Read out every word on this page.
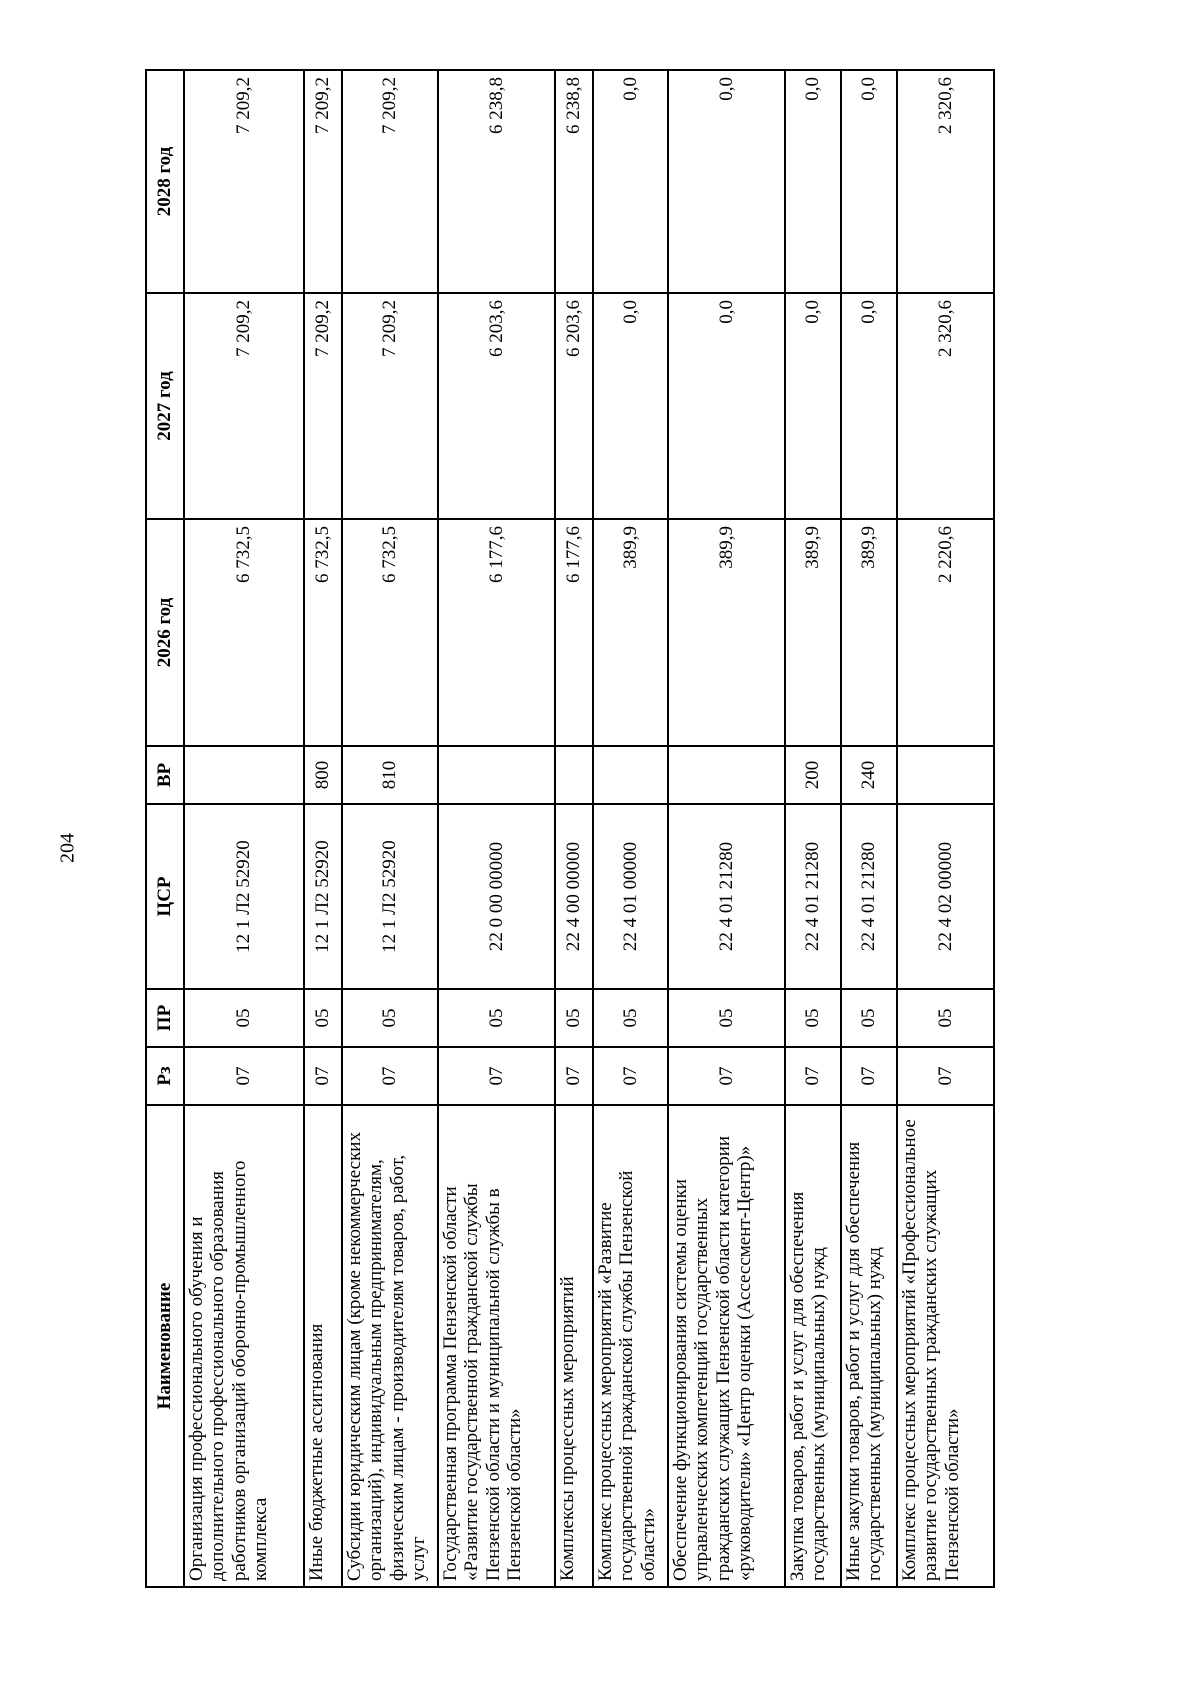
204
Наименование	Рз	ПР	ЦСР	ВР	2026 год	2027 год	2028 год
Организация профессионального обучения и дополнительного профессионального образования работников организаций оборонно-промышленного комплекса	07	05	12 1 Л2 52920		6 732,5	7 209,2	7 209,2
Иные бюджетные ассигнования	07	05	12 1 Л2 52920	800	6 732,5	7 209,2	7 209,2
Субсидии юридическим лицам (кроме некоммерческих организаций), индивидуальным предпринимателям, физическим лицам - производителям товаров, работ, услуг	07	05	12 1 Л2 52920	810	6 732,5	7 209,2	7 209,2
Государственная программа Пензенской области «Развитие государственной гражданской службы Пензенской области и муниципальной службы в Пензенской области»	07	05	22 0 00 00000		6 177,6	6 203,6	6 238,8
Комплексы процессных мероприятий	07	05	22 4 00 00000		6 177,6	6 203,6	6 238,8
Комплекс процессных мероприятий «Развитие государственной гражданской службы Пензенской области»	07	05	22 4 01 00000		389,9	0,0	0,0
Обеспечение функционирования системы оценки управленческих компетенций государственных гражданских служащих Пензенской области категории «руководители» «Центр оценки (Ассессмент-Центр)»	07	05	22 4 01 21280		389,9	0,0	0,0
Закупка товаров, работ и услуг для обеспечения государственных (муниципальных) нужд	07	05	22 4 01 21280	200	389,9	0,0	0,0
Иные закупки товаров, работ и услуг для обеспечения государственных (муниципальных) нужд	07	05	22 4 01 21280	240	389,9	0,0	0,0
Комплекс процессных мероприятий «Профессиональное развитие государственных гражданских служащих Пензенской области»	07	05	22 4 02 00000		2 220,6	2 320,6	2 320,6
